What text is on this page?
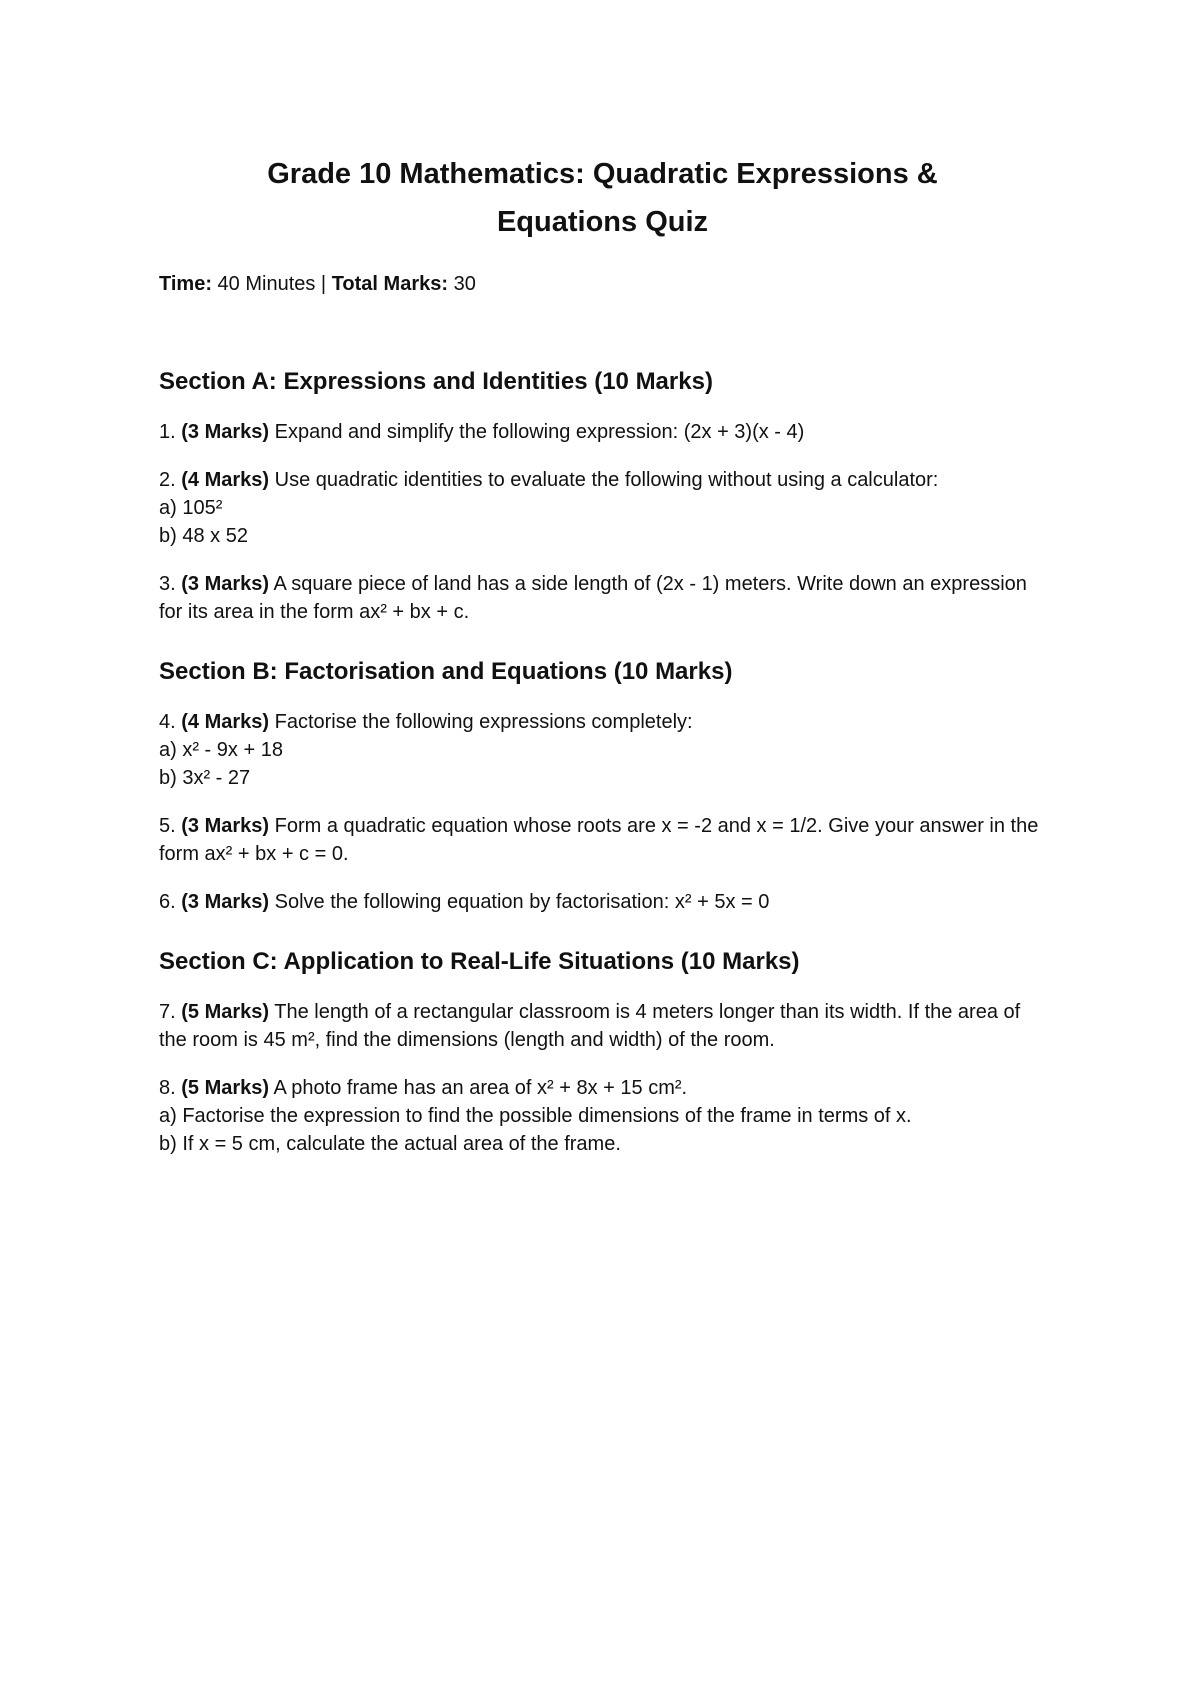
Grade 10 Mathematics: Quadratic Expressions &
Equations Quiz

Time: 40 Minutes | Total Marks: 30

Section A: Expressions and Identities (10 Marks)

1. (3 Marks) Expand and simplify the following expression: (2x + 3)(x - 4)

2. (4 Marks) Use quadratic identities to evaluate the following without using a calculator:
a) 105²
b) 48 x 52

3. (3 Marks) A square piece of land has a side length of (2x - 1) meters. Write down an expression for its area in the form ax² + bx + c.

Section B: Factorisation and Equations (10 Marks)

4. (4 Marks) Factorise the following expressions completely:
a) x² - 9x + 18
b) 3x² - 27

5. (3 Marks) Form a quadratic equation whose roots are x = -2 and x = 1/2. Give your answer in the form ax² + bx + c = 0.

6. (3 Marks) Solve the following equation by factorisation: x² + 5x = 0

Section C: Application to Real-Life Situations (10 Marks)

7. (5 Marks) The length of a rectangular classroom is 4 meters longer than its width. If the area of the room is 45 m², find the dimensions (length and width) of the room.

8. (5 Marks) A photo frame has an area of x² + 8x + 15 cm².
a) Factorise the expression to find the possible dimensions of the frame in terms of x.
b) If x = 5 cm, calculate the actual area of the frame.
